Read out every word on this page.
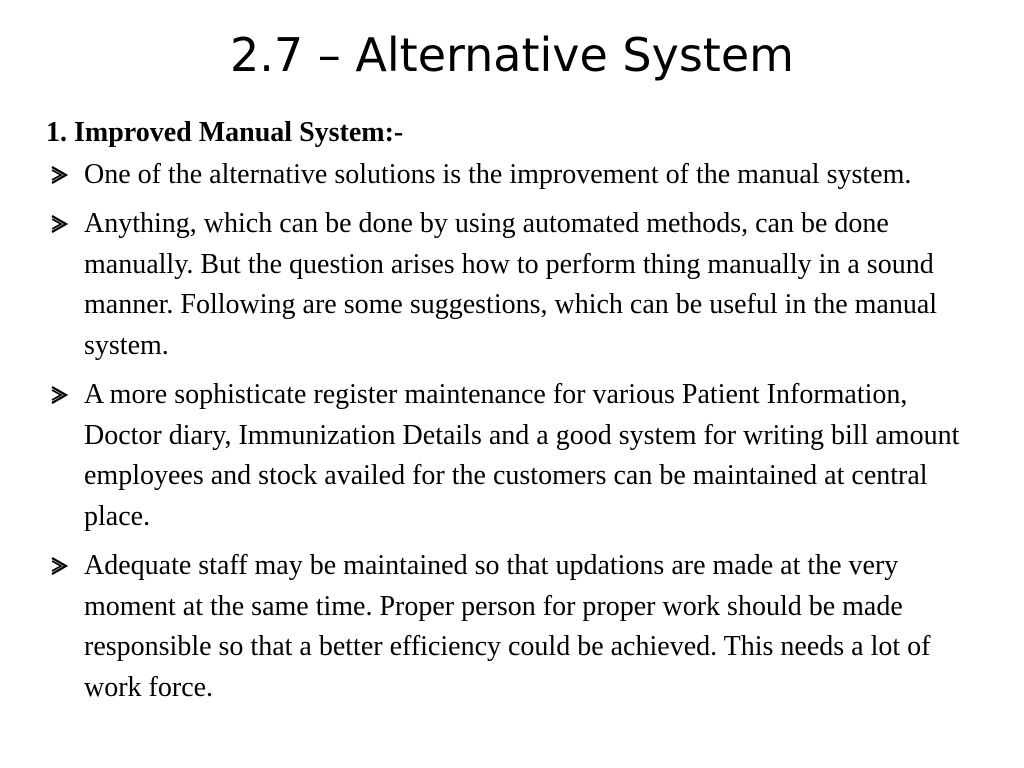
2.7 – Alternative System
1. Improved Manual System:-
One of the alternative solutions is the improvement of the manual system.
Anything, which can be done by using automated methods, can be done manually. But the question arises how to perform thing manually in a sound manner. Following are some suggestions, which can be useful in the manual system.
A more sophisticate register maintenance for various Patient Information, Doctor diary, Immunization Details and a good system for writing bill amount employees and stock availed for the customers can be maintained at central place.
Adequate staff may be maintained so that updations are made at the very moment at the same time. Proper person for proper work should be made responsible so that a better efficiency could be achieved. This needs a lot of work force.
